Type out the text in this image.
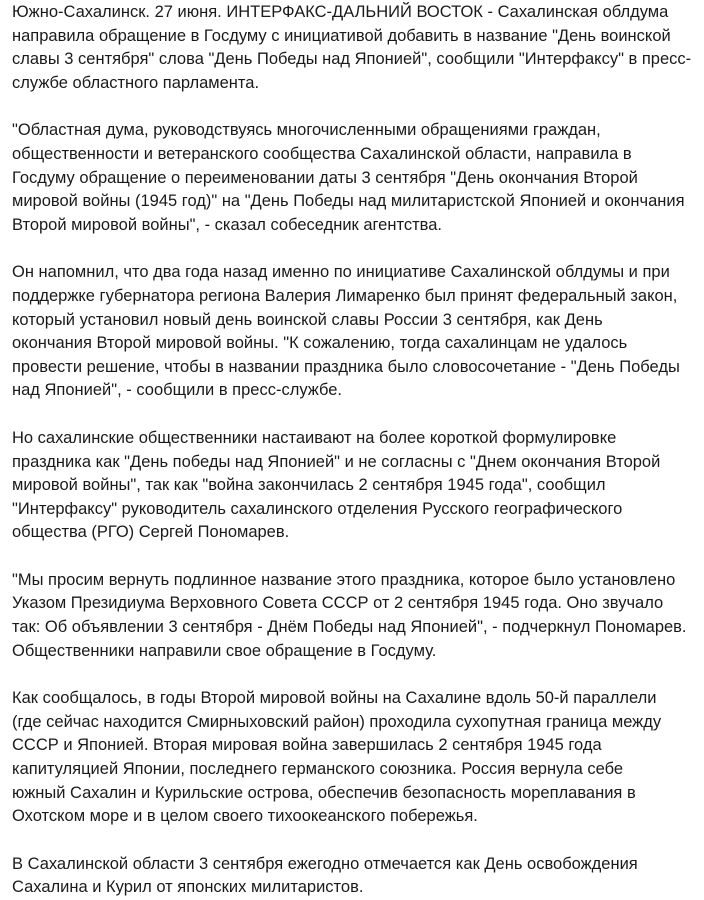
Южно-Сахалинск. 27 июня. ИНТЕРФАКС-ДАЛЬНИЙ ВОСТОК - Сахалинская облдума
направила обращение в Госдуму с инициативой добавить в название "День воинской
славы 3 сентября" слова "День Победы над Японией", сообщили "Интерфаксу" в пресс-
службе областного парламента.

"Областная дума, руководствуясь многочисленными обращениями граждан,
общественности и ветеранского сообщества Сахалинской области, направила в
Госдуму обращение о переименовании даты 3 сентября "День окончания Второй
мировой войны (1945 год)" на "День Победы над милитаристской Японией и окончания
Второй мировой войны", - сказал собеседник агентства.

Он напомнил, что два года назад именно по инициативе Сахалинской облдумы и при
поддержке губернатора региона Валерия Лимаренко был принят федеральный закон,
который установил новый день воинской славы России 3 сентября, как День
окончания Второй мировой войны. "К сожалению, тогда сахалинцам не удалось
провести решение, чтобы в названии праздника было словосочетание - "День Победы
над Японией", - сообщили в пресс-службе.

Но сахалинские общественники настаивают на более короткой формулировке
праздника как "День победы над Японией" и не согласны с "Днем окончания Второй
мировой войны", так как "война закончилась 2 сентября 1945 года", сообщил
"Интерфаксу" руководитель сахалинского отделения Русского географического
общества (РГО) Сергей Пономарев.

"Мы просим вернуть подлинное название этого праздника, которое было установлено
Указом Президиума Верховного Совета СССР от 2 сентября 1945 года. Оно звучало
так: Об объявлении 3 сентября - Днём Победы над Японией", - подчеркнул Пономарев.
Общественники направили свое обращение в Госдуму.

Как сообщалось, в годы Второй мировой войны на Сахалине вдоль 50-й параллели
(где сейчас находится Смирныховский район) проходила сухопутная граница между
СССР и Японией. Вторая мировая война завершилась 2 сентября 1945 года
капитуляцией Японии, последнего германского союзника. Россия вернула себе
южный Сахалин и Курильские острова, обеспечив безопасность мореплавания в
Охотском море и в целом своего тихоокеанского побережья.

В Сахалинской области 3 сентября ежегодно отмечается как День освобождения
Сахалина и Курил от японских милитаристов.
